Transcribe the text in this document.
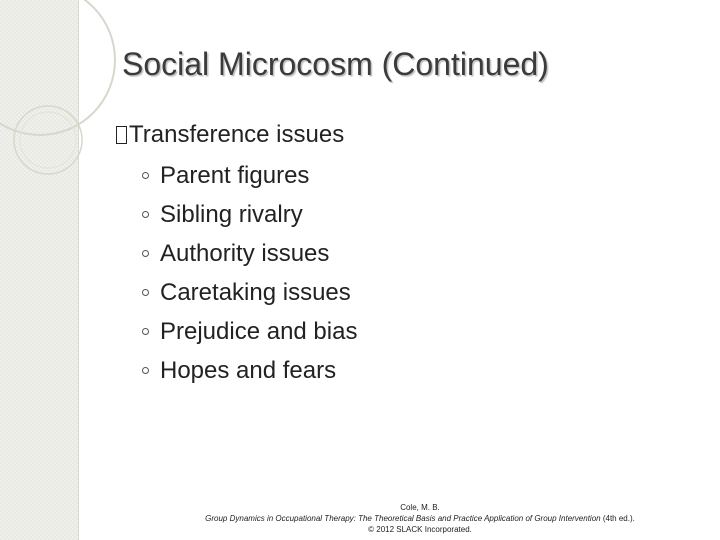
Social Microcosm (Continued)
Transference issues
Parent figures
Sibling rivalry
Authority issues
Caretaking issues
Prejudice and bias
Hopes and fears
Cole, M. B.
Group Dynamics in Occupational Therapy: The Theoretical Basis and Practice Application of Group Intervention (4th ed.).
© 2012 SLACK Incorporated.
